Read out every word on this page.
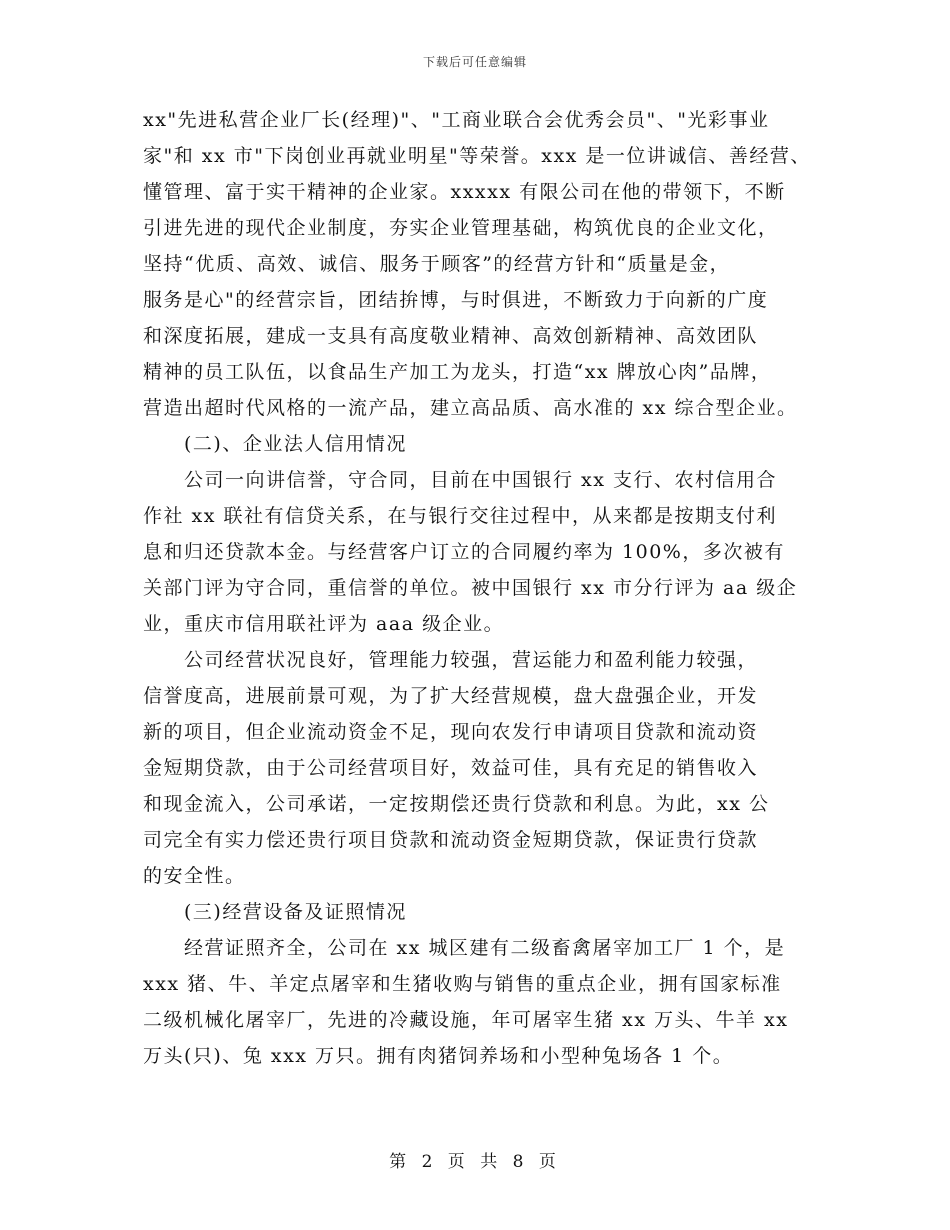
下载后可任意编辑
xx"先进私营企业厂长(经理)"、"工商业联合会优秀会员"、"光彩事业
家"和 xx 市"下岗创业再就业明星"等荣誉。xxx 是一位讲诚信、善经营、
懂管理、富于实干精神的企业家。xxxxx 有限公司在他的带领下，不断
引进先进的现代企业制度，夯实企业管理基础，构筑优良的企业文化，
坚持“优质、高效、诚信、服务于顾客”的经营方针和“质量是金，
服务是心"的经营宗旨，团结拚博，与时俱进，不断致力于向新的广度
和深度拓展，建成一支具有高度敬业精神、高效创新精神、高效团队
精神的员工队伍，以食品生产加工为龙头，打造“xx 牌放心肉”品牌，
营造出超时代风格的一流产品，建立高品质、高水准的 xx 综合型企业。
　　(二)、企业法人信用情况
　　公司一向讲信誉，守合同，目前在中国银行 xx 支行、农村信用合
作社 xx 联社有信贷关系，在与银行交往过程中，从来都是按期支付利
息和归还贷款本金。与经营客户订立的合同履约率为 100%，多次被有
关部门评为守合同，重信誉的单位。被中国银行 xx 市分行评为 aa 级企
业，重庆市信用联社评为 aaa 级企业。
　　公司经营状况良好，管理能力较强，营运能力和盈利能力较强，
信誉度高，进展前景可观，为了扩大经营规模，盘大盘强企业，开发
新的项目，但企业流动资金不足，现向农发行申请项目贷款和流动资
金短期贷款，由于公司经营项目好，效益可佳，具有充足的销售收入
和现金流入，公司承诺，一定按期偿还贵行贷款和利息。为此，xx 公
司完全有实力偿还贵行项目贷款和流动资金短期贷款，保证贵行贷款
的安全性。
　　(三)经营设备及证照情况
　　经营证照齐全，公司在 xx 城区建有二级畜禽屠宰加工厂 1 个，是
xxx 猪、牛、羊定点屠宰和生猪收购与销售的重点企业，拥有国家标准
二级机械化屠宰厂，先进的冷藏设施，年可屠宰生猪 xx 万头、牛羊 xx
万头(只)、兔 xxx 万只。拥有肉猪饲养场和小型种兔场各 1 个。
第 2 页 共 8 页
